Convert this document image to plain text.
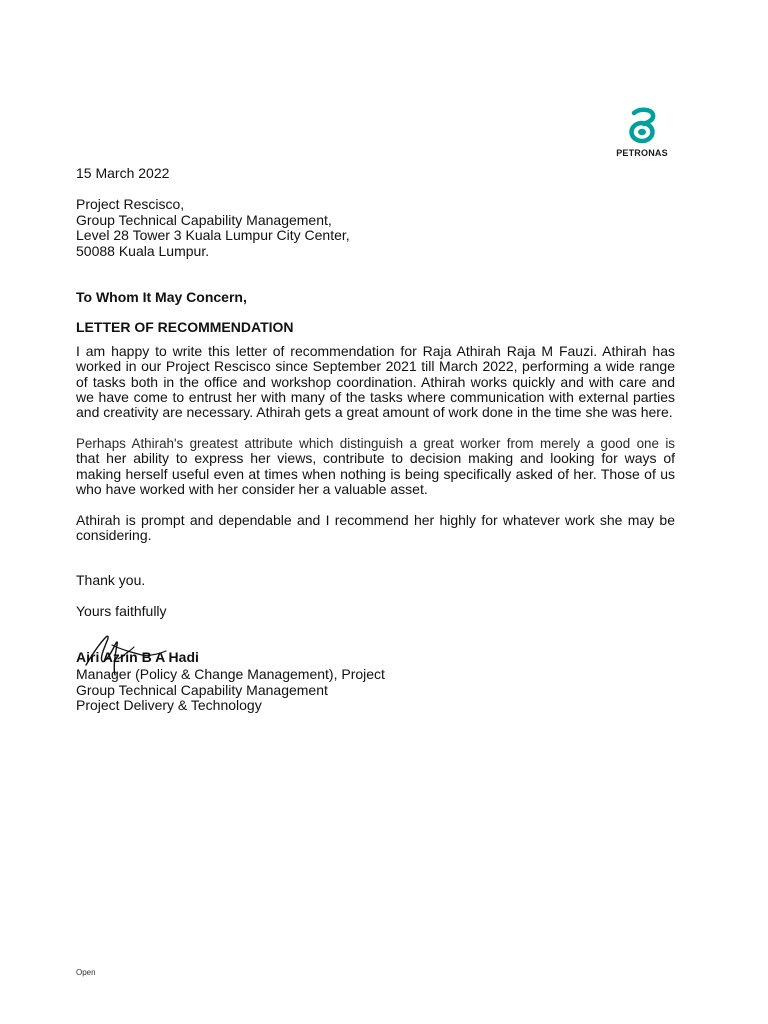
PETRONAS

15 March 2022

Project Rescisco,

Group Technical Capability Management,

Level 28 Tower 3 Kuala Lumpur City Center,

50088 Kuala Lumpur.

To Whom It May Concern,

LETTER OF RECOMMENDATION

I am happy to write this letter of recommendation for Raja Athirah Raja M Fauzi. Athirah has worked in our Project Rescisco since September 2021 till March 2022, performing a wide range of tasks both in the office and workshop coordination. Athirah works quickly and with care and we have come to entrust her with many of the tasks where communication with external parties and creativity are necessary. Athirah gets a great amount of work done in the time she was here.

Perhaps Athirah's greatest attribute which distinguish a great worker from merely a good one is

that her ability to express her views, contribute to decision making and looking for ways of making herself useful even at times when nothing is being specifically asked of her. Those of us who have worked with her consider her a valuable asset.

Athirah is prompt and dependable and I recommend her highly for whatever work she may be considering.

Thank you.

Yours faithfully

Airi Azrin B A Hadi

Manager (Policy & Change Management), Project

Group Technical Capability Management

Project Delivery & Technology

Open
